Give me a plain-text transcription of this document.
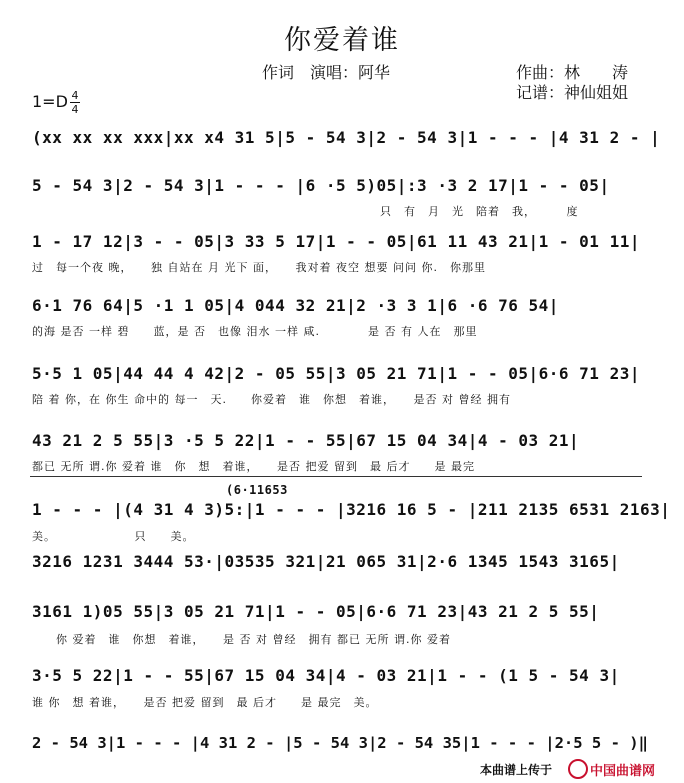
你爱着谁
作词　演唱：阿华	作曲：林　　涛
记谱：神仙姐姐
1=D 4
4
(xx xx xx xxx|xx x4 31 5|5 - 54 3|2 - 54 3|1 - - - |4 31 2 - |
5 - 54 3|2 - 54 3|1 - - - |6 ·5 5)05|:3 ·3 2 17|1 - - 05|
只　有　月　光　陪着　我，　　　度
1 - 17 12|3 - - 05|3 33 5 17|1 - - 05|61 11 43 21|1 - 01 11|
过　每一个夜 晚，　　独 自站在 月 光下 面，　　我对着 夜空 想要 问问 你.　你那里
6·1 76 64|5 ·1 1 05|4 044 32 21|2 ·3 3 1|6 ·6 76 54|
的海 是否 一样 碧　　蓝，是 否　也像 泪水 一样 咸.　　　　是 否 有 人在　那里
5·5 1 05|44 44 4 42|2 - 05 55|3 05 21 71|1 - - 05|6·6 71 23|
陪 着 你，在 你生 命中的 每一　天.　　你爱着　谁　你想　着谁，　　是否 对 曾经 拥有
43 21 2 5 55|3 ·5 5 22|1 - - 55|67 15 04 34|4 - 03 21|
都已 无所 谓.你 爱着 谁　你　想　着谁，　　是否 把爱 留到　最 后才　　是 最完
(6·11653
1 - - - |(4 31 4 3)5:|1 - - - |3216 16 5 - |211 2135 6531 2163|
美。　　　　　　　只　　美。
3216 1231 3444 53·|03535 321|21 065 31|2·6 1345 1543 3165|
3161 1)05 55|3 05 21 71|1 - - 05|6·6 71 23|43 21 2 5 55|
　　你 爱着　谁　你想　着谁，　　是 否 对 曾经　拥有 都已 无所 谓.你 爱着
3·5 5 22|1 - - 55|67 15 04 34|4 - 03 21|1 - - (1 5 - 54 3|
谁 你　想 着谁，　　是否 把爱 留到　最 后才　　是 最完　美。
2 - 54 3|1 - - - |4 31 2 - |5 - 54 3|2 - 54 35|1 - - - |2·5 5 - )‖
本曲谱上传于	中国曲谱网
